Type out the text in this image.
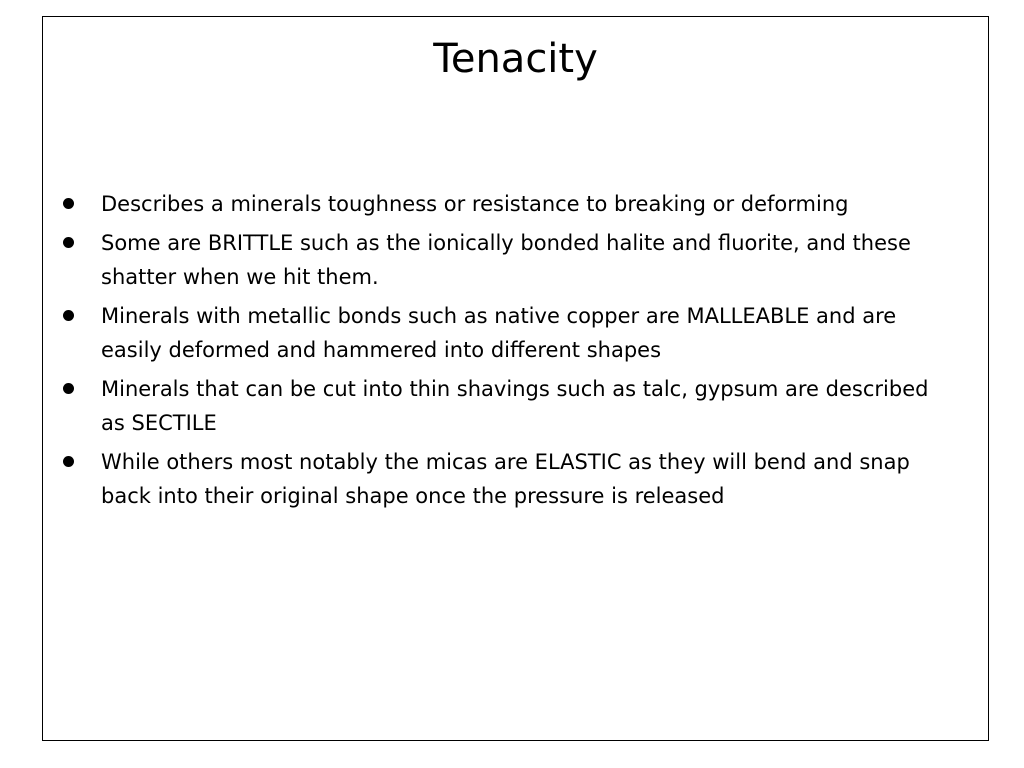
Tenacity
Describes a minerals toughness or resistance to breaking or deforming
Some are BRITTLE such as the ionically bonded halite and fluorite, and these shatter when we hit them.
Minerals with metallic bonds such as native copper are MALLEABLE and are easily deformed and hammered into different shapes
Minerals that can be cut into thin shavings such as talc, gypsum are described as SECTILE
While others most notably the micas are ELASTIC as they will bend and snap back into their original shape once the pressure is released
